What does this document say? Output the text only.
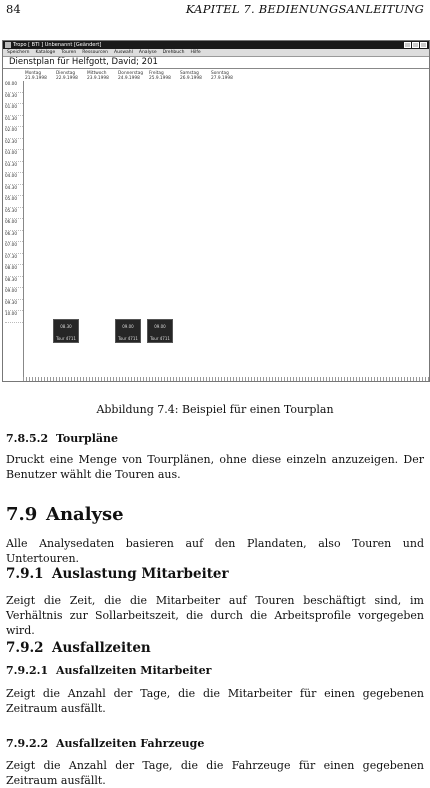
84	KAPITEL 7. BEDIENUNGSANLEITUNG
Tropo [ BTI ] Unbenannt [Geändert]
Speichern Kataloge Touren Ressourcen Auswahl Analyse Drehbuch Hilfe
Dienstplan für Helfgott, David; 201
Montag
21.9.1998
Dienstag
22.9.1998
Mittwoch
23.9.1998
Donnerstag
24.9.1998
Freitag
25.9.1998
Samstag
26.9.1998
Sonntag
27.9.1998
00.00
00.30
01.00
01.30
02.00
02.30
03.00
03.30
04.00
04.30
05.00
05.30
06.00
06.30
07.00
07.30
08.00
08.30
09.00
09.30
10.00
08.30
Tour 4711
09.00
Tour 4711
09.00
Tour 4711
Abbildung 7.4: Beispiel für einen Tourplan
7.8.5.2 Tourpläne
Druckt eine Menge von Tourplänen, ohne diese einzeln anzuzeigen. Der Benutzer wählt die Touren aus.
7.9 Analyse
Alle Analysedaten basieren auf den Plandaten, also Touren und Untertouren.
7.9.1 Auslastung Mitarbeiter
Zeigt die Zeit, die die Mitarbeiter auf Touren beschäftigt sind, im Verhältnis zur Sollarbeitszeit, die durch die Arbeitsprofile vorgegeben wird.
7.9.2 Ausfallzeiten
7.9.2.1 Ausfallzeiten Mitarbeiter
Zeigt die Anzahl der Tage, die die Mitarbeiter für einen gegebenen Zeitraum ausfällt.
7.9.2.2 Ausfallzeiten Fahrzeuge
Zeigt die Anzahl der Tage, die die Fahrzeuge für einen gegebenen Zeitraum ausfällt.
